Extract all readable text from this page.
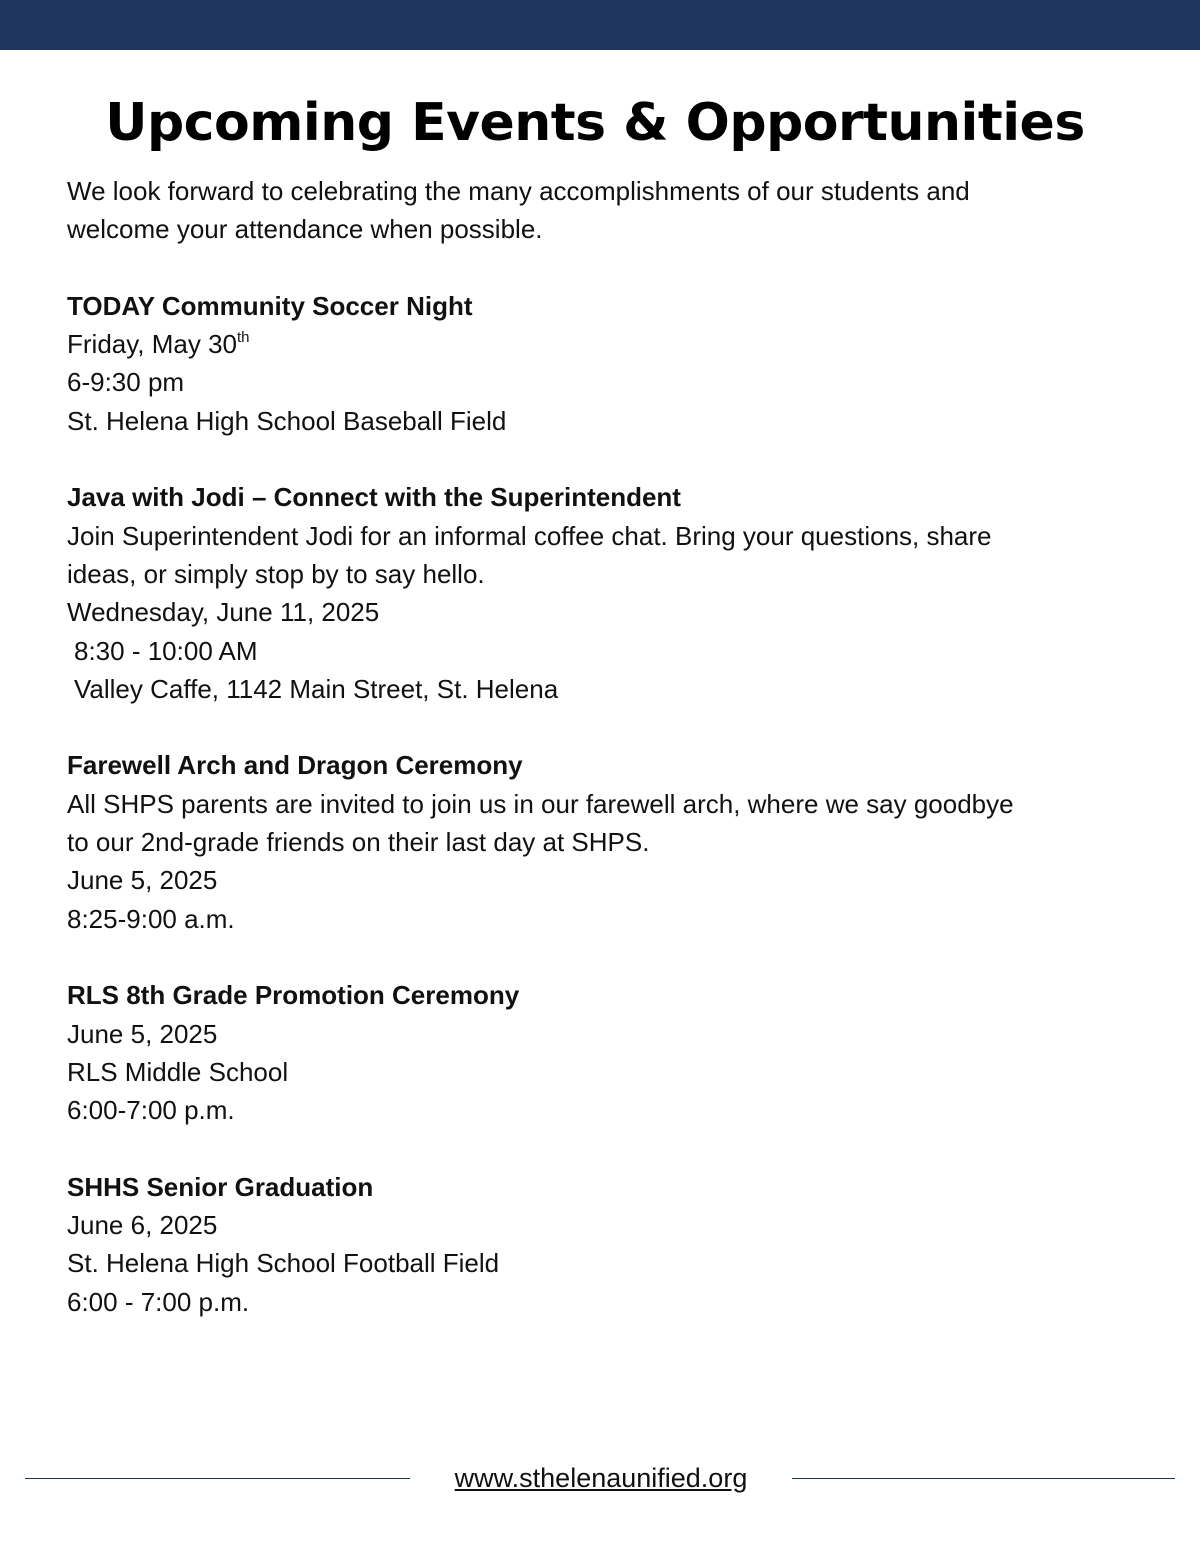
Upcoming Events & Opportunities

We look forward to celebrating the many accomplishments of our students and
welcome your attendance when possible.

TODAY Community Soccer Night
Friday, May 30th
6-9:30 pm
St. Helena High School Baseball Field
Java with Jodi – Connect with the Superintendent
Join Superintendent Jodi for an informal coffee chat. Bring your questions, share
ideas, or simply stop by to say hello.
Wednesday, June 11, 2025
8:30 - 10:00 AM
Valley Caffe, 1142 Main Street, St. Helena
Farewell Arch and Dragon Ceremony
All SHPS parents are invited to join us in our farewell arch, where we say goodbye
to our 2nd-grade friends on their last day at SHPS.
June 5, 2025
8:25-9:00 a.m.
RLS 8th Grade Promotion Ceremony
June 5, 2025
RLS Middle School
6:00-7:00 p.m.
SHHS Senior Graduation
June 6, 2025
St. Helena High School Football Field
6:00 - 7:00 p.m.
www.sthelenaunified.org
